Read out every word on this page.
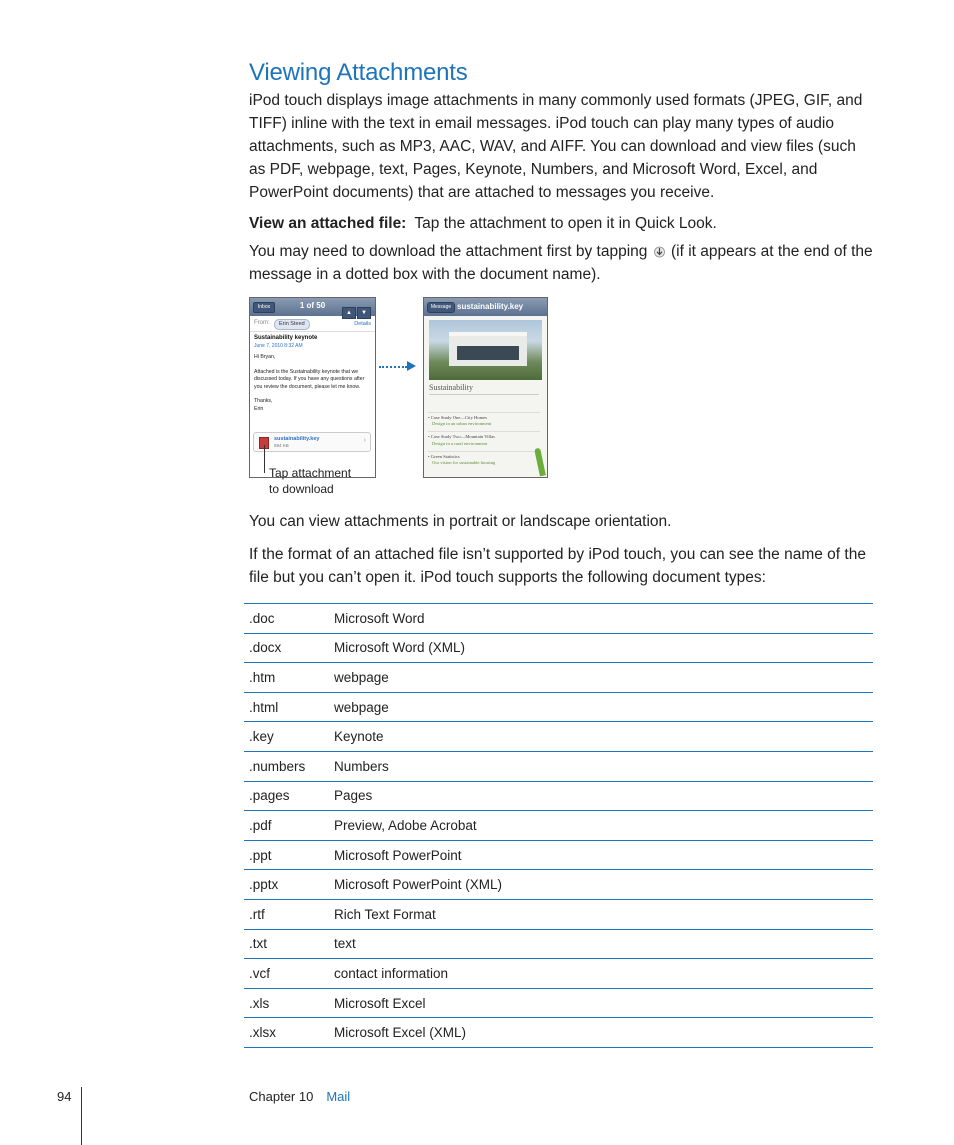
Viewing Attachments

iPod touch displays image attachments in many commonly used formats (JPEG, GIF, and TIFF) inline with the text in email messages. iPod touch can play many types of audio attachments, such as MP3, AAC, WAV, and AIFF. You can download and view files (such as PDF, webpage, text, Pages, Keynote, Numbers, and Microsoft Word, Excel, and PowerPoint documents) that are attached to messages you receive.

View an attached file: Tap the attachment to open it in Quick Look.

You may need to download the attachment first by tapping (if it appears at the end of the message in a dotted box with the document name).

Inbox	1 of 50
▲ ▼
From:	Erin Steed	Details
Sustainability keynote
June 7, 2010 8:32 AM
Hi Bryan,

Attached is the Sustainability keynote that we discussed today. If you have any questions after you review the document, please let me know.

Thanks,
Erin
sustainability.key
594 KB
›
Tap attachment
to download
Message sustainability.key
Sustainability
• Case Study One—City Homes
Design in an urban environment
• Case Study Two—Mountain Villas
Design in a rural environment
• Green Statistics
Our vision for sustainable housing

You can view attachments in portrait or landscape orientation.

If the format of an attached file isn’t supported by iPod touch, you can see the name of the file but you can’t open it. iPod touch supports the following document types:

.doc	Microsoft Word
.docx	Microsoft Word (XML)
.htm	webpage
.html	webpage
.key	Keynote
.numbers	Numbers
.pages	Pages
.pdf	Preview, Adobe Acrobat
.ppt	Microsoft PowerPoint
.pptx	Microsoft PowerPoint (XML)
.rtf	Rich Text Format
.txt	text
.vcf	contact information
.xls	Microsoft Excel
.xlsx	Microsoft Excel (XML)
94	Chapter 10 Mail
